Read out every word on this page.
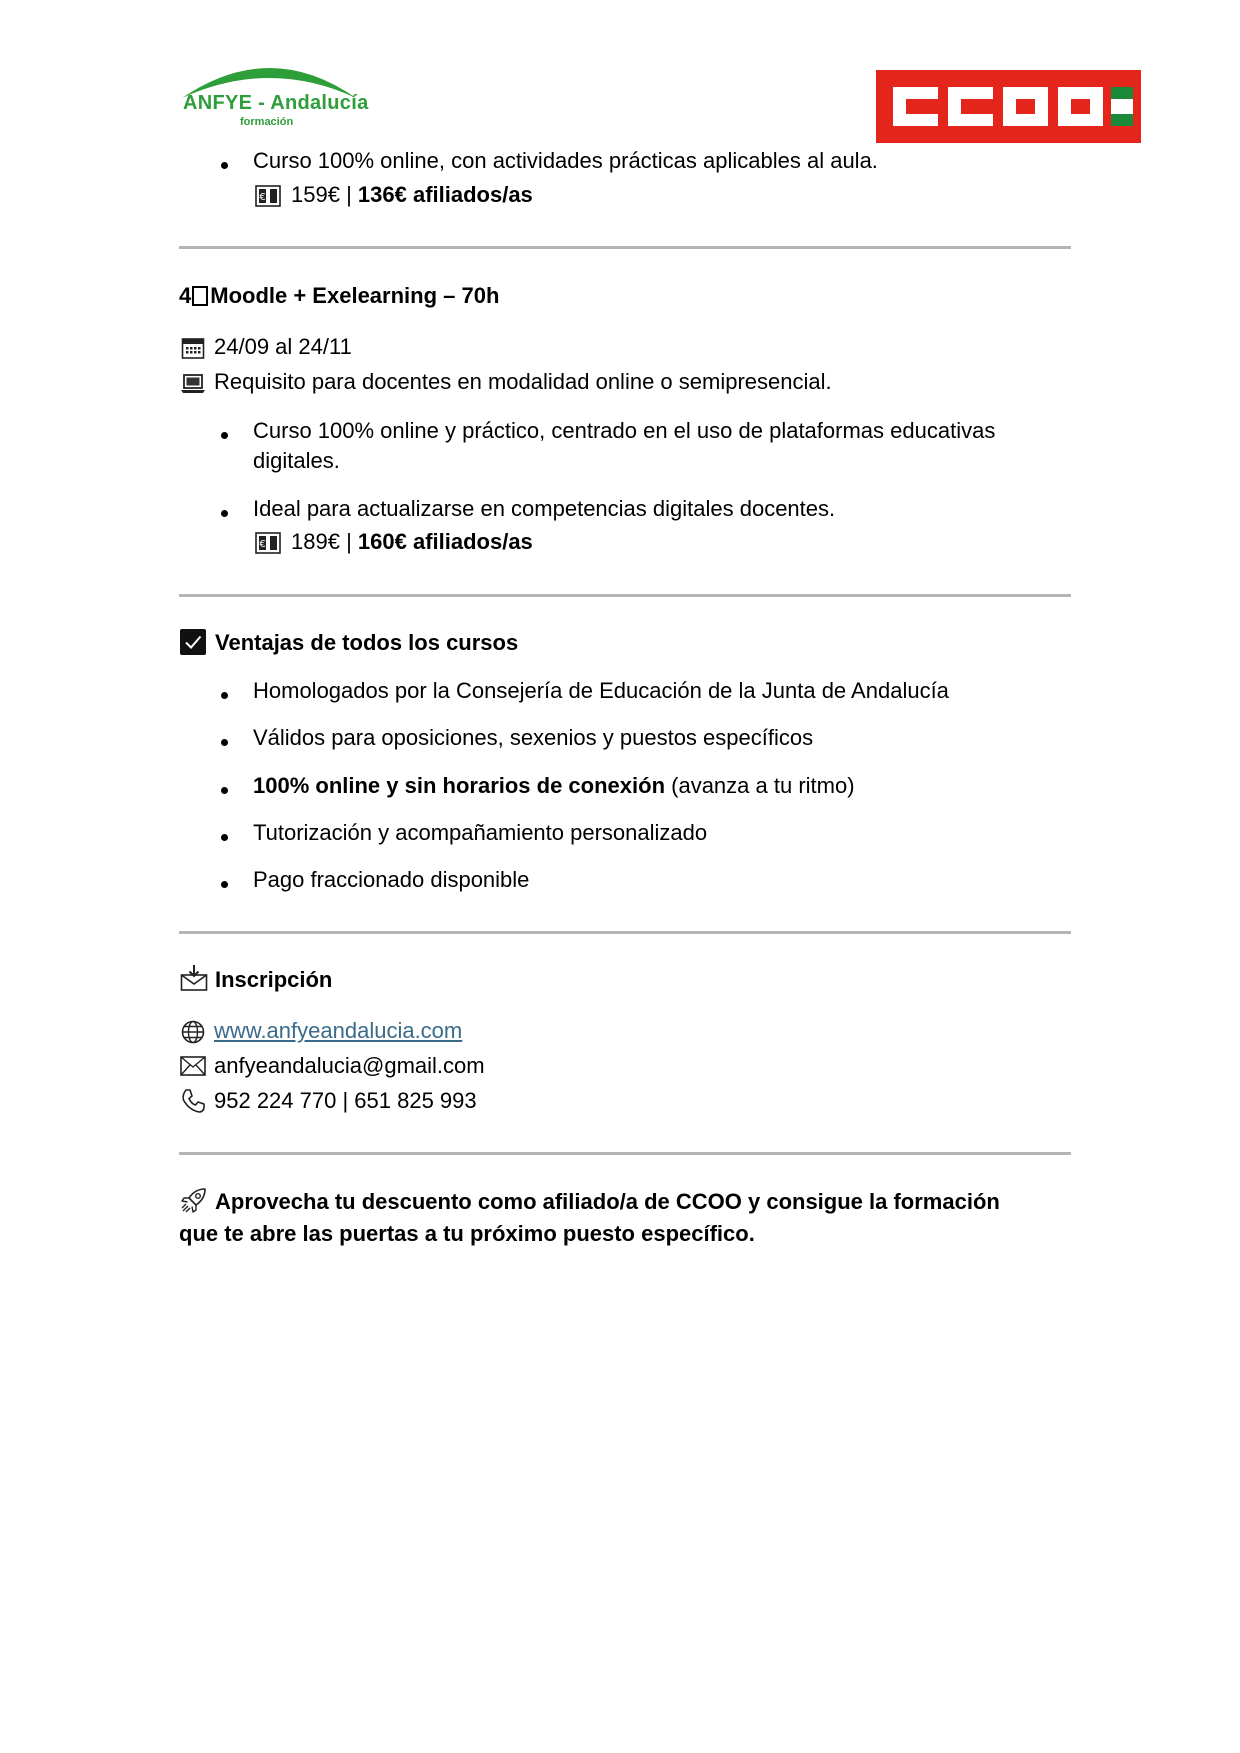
ANFYE - Andalucía
formación
Curso 100% online, con actividades prácticas aplicables al aula.
€ 159€ | 136€ afiliados/as
4 Moodle + Exelearning – 70h
24/09 al 24/11
Requisito para docentes en modalidad online o semipresencial.
Curso 100% online y práctico, centrado en el uso de plataformas educativas
digitales.
Ideal para actualizarse en competencias digitales docentes.
€ 189€ | 160€ afiliados/as
Ventajas de todos los cursos
Homologados por la Consejería de Educación de la Junta de Andalucía
Válidos para oposiciones, sexenios y puestos específicos
100% online y sin horarios de conexión (avanza a tu ritmo)
Tutorización y acompañamiento personalizado
Pago fraccionado disponible
Inscripción
www.anfyeandalucia.com
anfyeandalucia@gmail.com
952 224 770 | 651 825 993
Aprovecha tu descuento como afiliado/a de CCOO y consigue la formación
que te abre las puertas a tu próximo puesto específico.
